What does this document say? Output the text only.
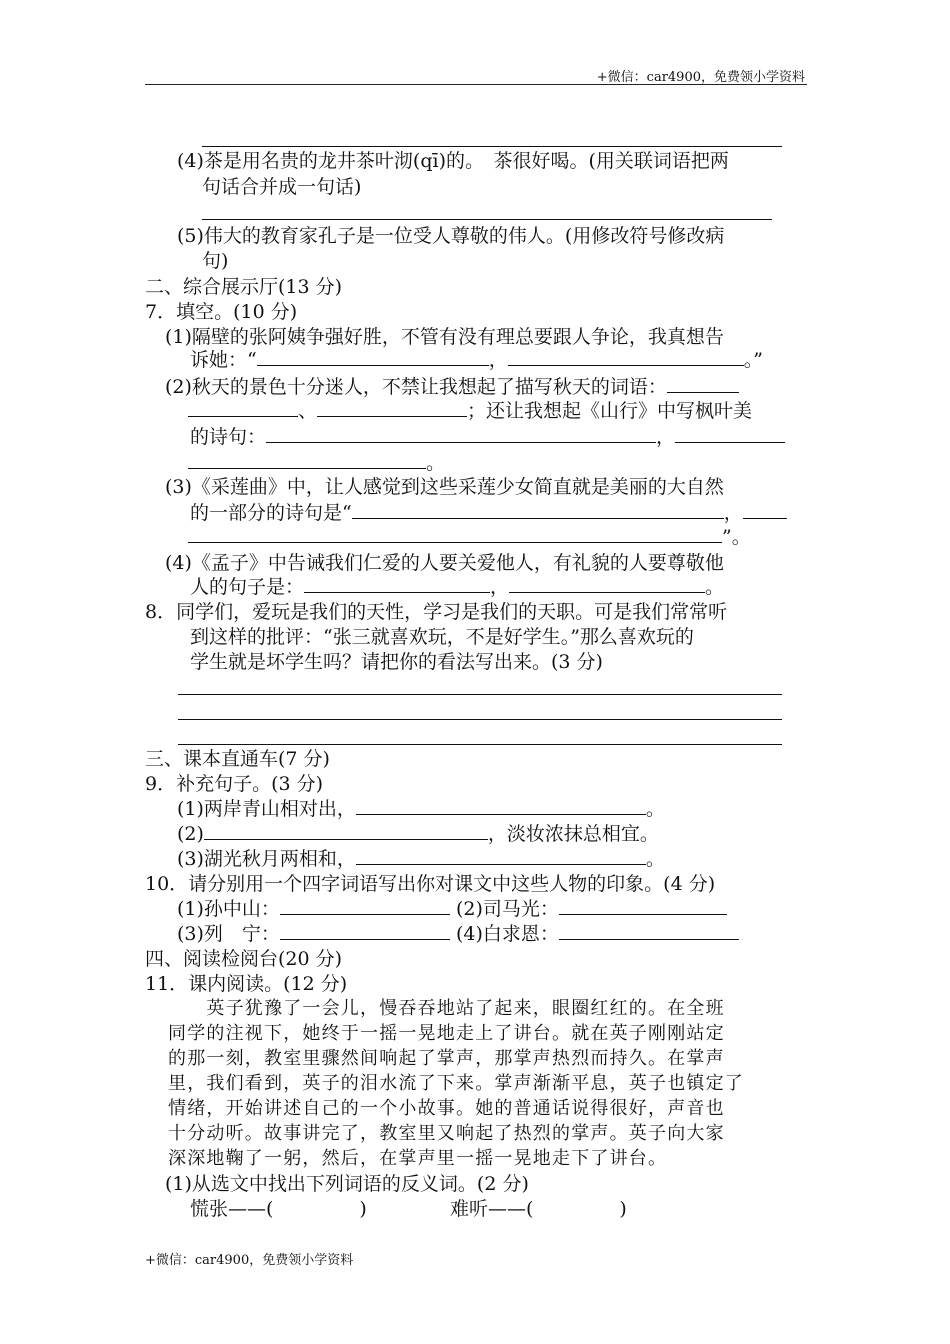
+微信：car4900，免费领小学资料
(4)茶是用名贵的龙井茶叶沏(qī)的。　茶很好喝。(用关联词语把两
句话合并成一句话)
(5)伟大的教育家孔子是一位受人尊敬的伟人。(用修改符号修改病
句)
二、综合展示厅(13 分)
7．填空。(10 分)
(1)隔壁的张阿姨争强好胜，不管有没有理总要跟人争论，我真想告
诉她：“	，	。”
(2)秋天的景色十分迷人，不禁让我想起了描写秋天的词语：
、	；还让我想起《山行》中写枫叶美
的诗句：	，
。
(3)《采莲曲》中，让人感觉到这些采莲少女简直就是美丽的大自然
的一部分的诗句是“	，
”。
(4)《孟子》中告诫我们仁爱的人要关爱他人，有礼貌的人要尊敬他
人的句子是：	，	。
8．同学们，爱玩是我们的天性，学习是我们的天职。可是我们常常听
到这样的批评：“张三就喜欢玩，不是好学生。”那么喜欢玩的
学生就是坏学生吗？请把你的看法写出来。(3 分)
三、课本直通车(7 分)
9．补充句子。(3 分)
(1)两岸青山相对出，	。
(2)	，淡妆浓抹总相宜。
(3)湖光秋月两相和，	。
10．请分别用一个四字词语写出你对课文中这些人物的印象。(4 分)
(1)孙中山：	(2)司马光：
(3)列　宁：	(4)白求恩：
四、阅读检阅台(20 分)
11．课内阅读。(12 分)
　　英子犹豫了一会儿，慢吞吞地站了起来，眼圈红红的。在全班
同学的注视下，她终于一摇一晃地走上了讲台。就在英子刚刚站定
的那一刻，教室里骤然间响起了掌声，那掌声热烈而持久。在掌声
里，我们看到，英子的泪水流了下来。掌声渐渐平息，英子也镇定了
情绪，开始讲述自己的一个小故事。她的普通话说得很好，声音也
十分动听。故事讲完了，教室里又响起了热烈的掌声。英子向大家
深深地鞠了一躬，然后，在掌声里一摇一晃地走下了讲台。
(1)从选文中找出下列词语的反义词。(2 分)
慌张——(	)	难听——(	)
+微信：car4900，免费领小学资料
